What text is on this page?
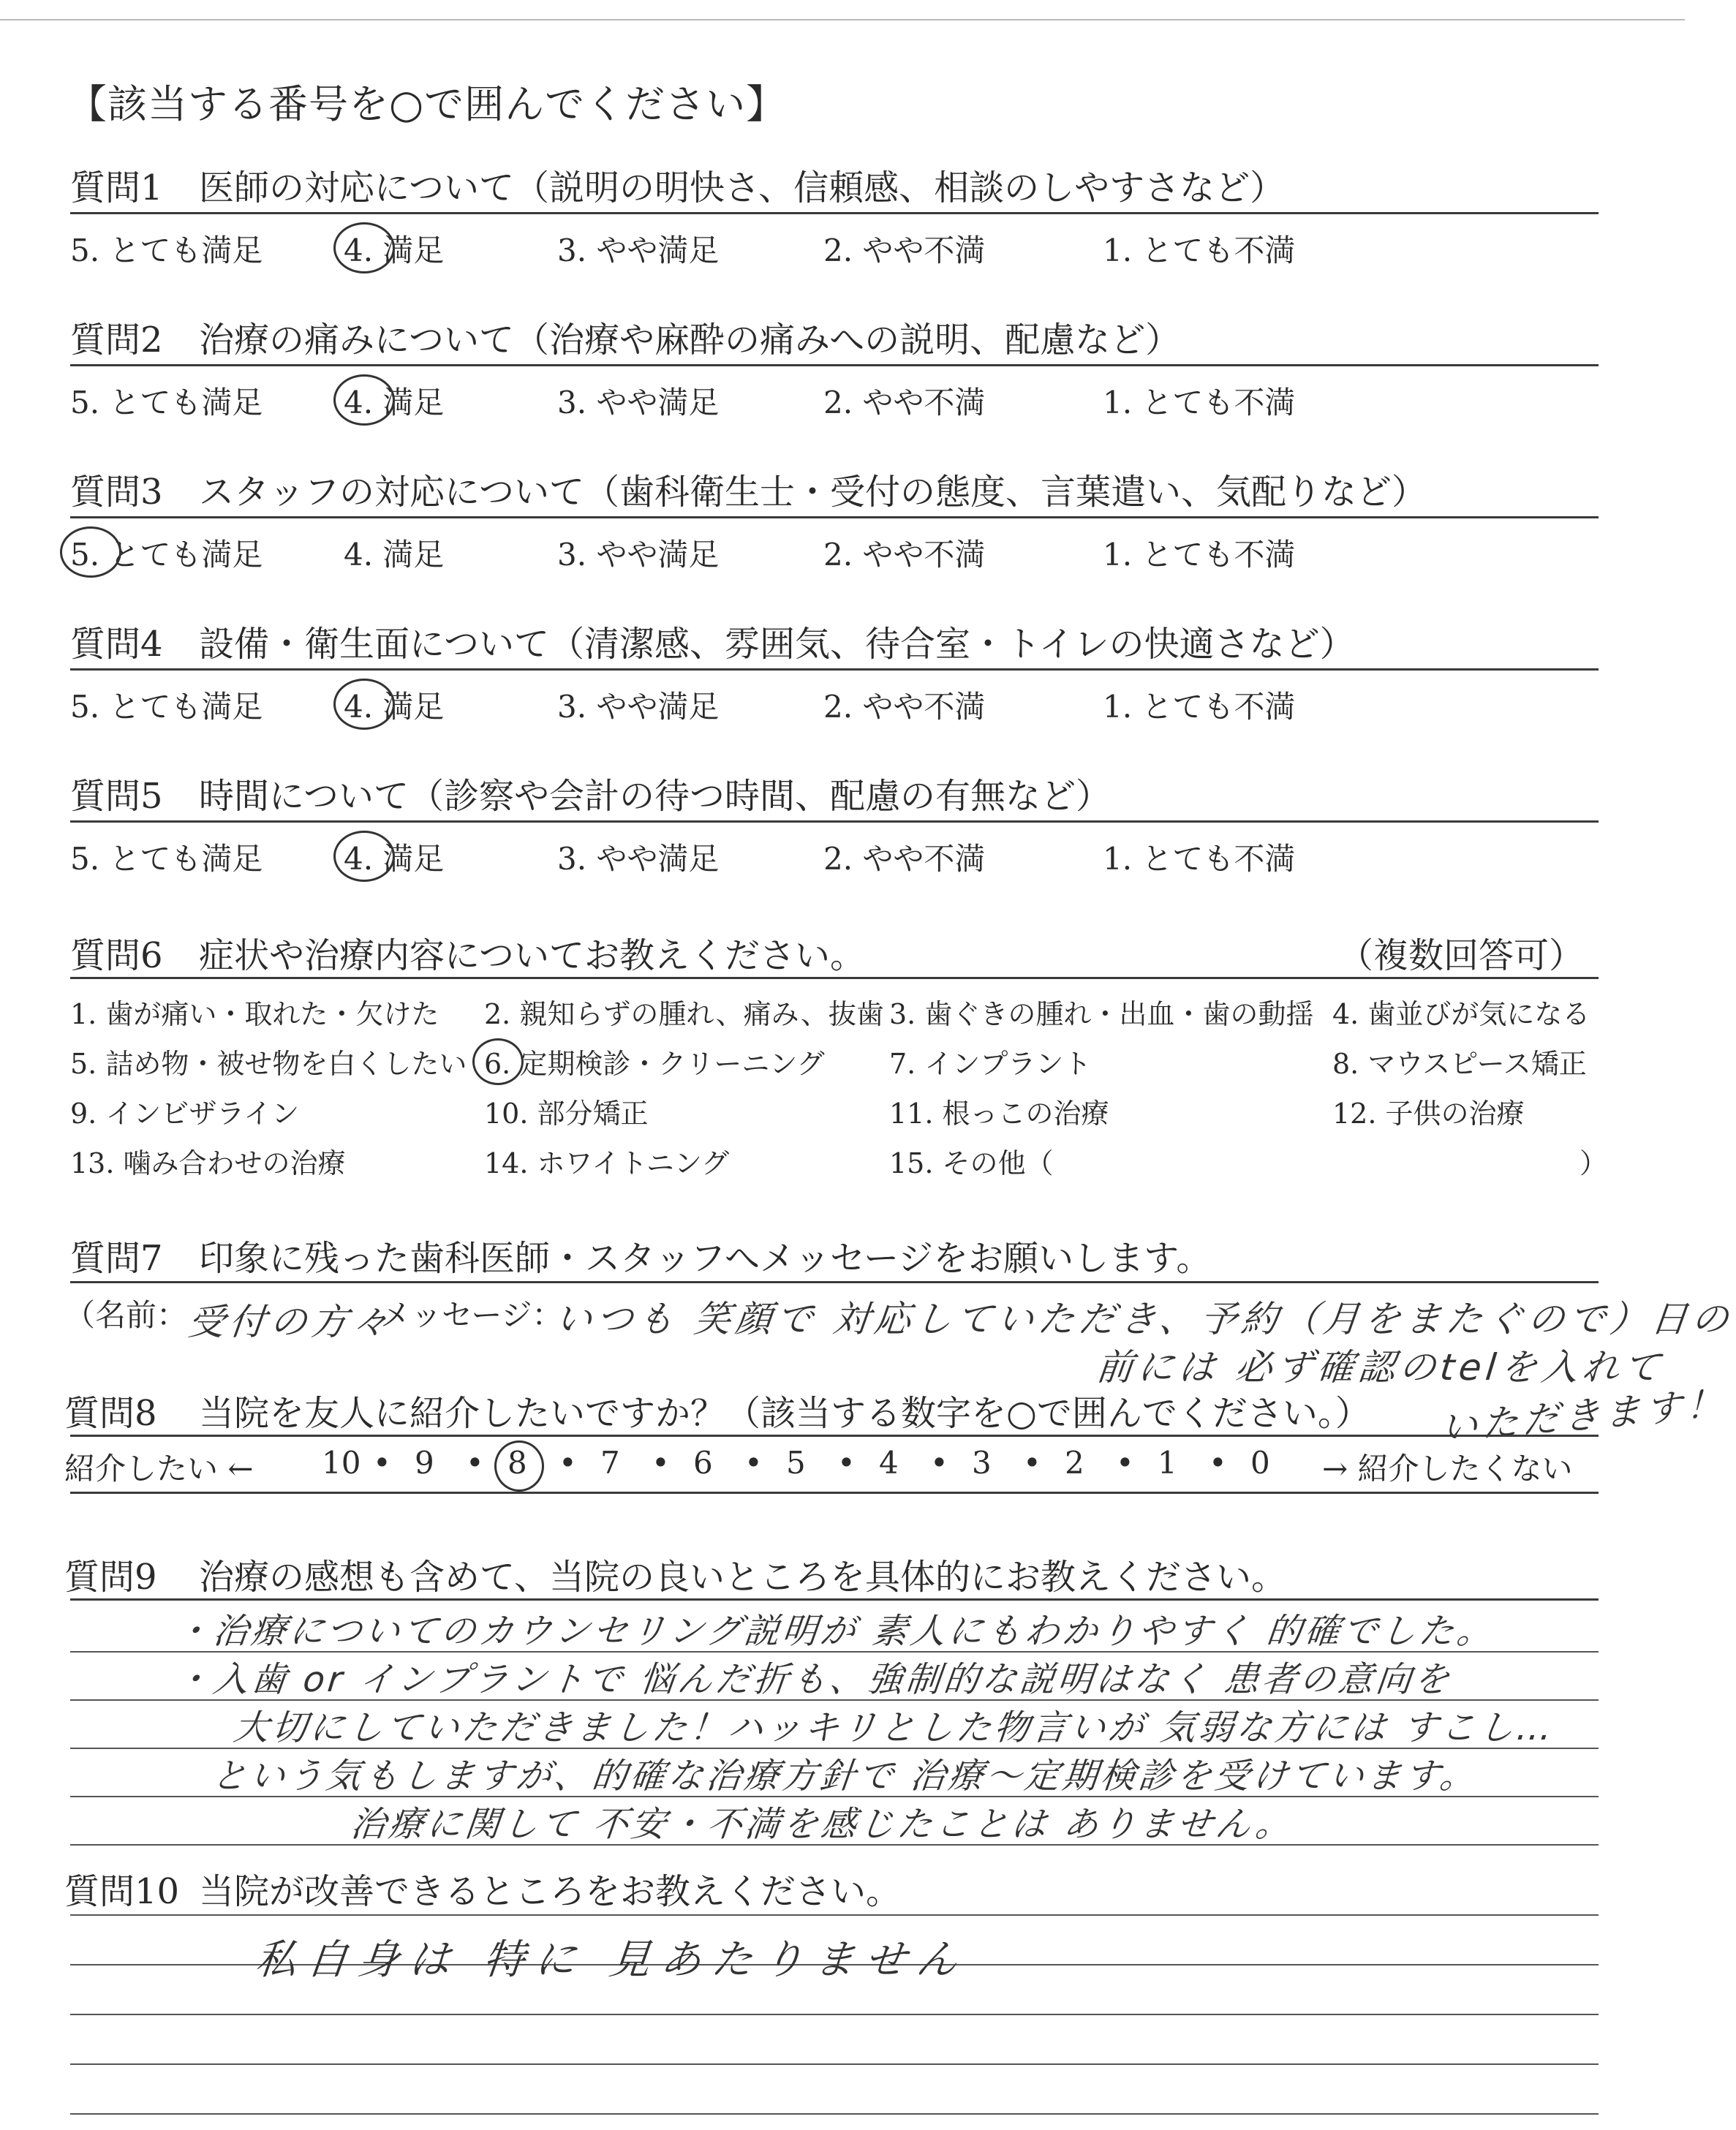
【該当する番号を○で囲んでください】
質問1 医師の対応について（説明の明快さ、信頼感、相談のしやすさなど）
5. とても満足	4. 満足	3. やや満足	2. やや不満	1. とても不満
質問2 治療の痛みについて（治療や麻酔の痛みへの説明、配慮など）
5. とても満足	4. 満足	3. やや満足	2. やや不満	1. とても不満
質問3 スタッフの対応について（歯科衛生士・受付の態度、言葉遣い、気配りなど）
5. とても満足	4. 満足	3. やや満足	2. やや不満	1. とても不満
質問4 設備・衛生面について（清潔感、雰囲気、待合室・トイレの快適さなど）
5. とても満足	4. 満足	3. やや満足	2. やや不満	1. とても不満
質問5 時間について（診察や会計の待つ時間、配慮の有無など）
5. とても満足	4. 満足	3. やや満足	2. やや不満	1. とても不満
質問6 症状や治療内容についてお教えください。	（複数回答可）
1. 歯が痛い・取れた・欠けた 2. 親知らずの腫れ、痛み、抜歯 3. 歯ぐきの腫れ・出血・歯の動揺 4. 歯並びが気になる
5. 詰め物・被せ物を白くしたい 6. 定期検診・クリーニング 7. インプラント	8. マウスピース矯正
9. インビザライン	10. 部分矯正	11. 根っこの治療	12. 子供の治療
13. 噛み合わせの治療	14. ホワイトニング	15. その他（	）
質問7 印象に残った歯科医師・スタッフへメッセージをお願いします。
（名前：
受付の方々
メッセージ：
いつも 笑顔で 対応していただき、予約（月をまたぐので）日の
前には 必ず確認のtelを入れて
いただきます！
質問8 当院を友人に紹介したいですか？（該当する数字を○で囲んでください。）
紹介したい ← 10 • 9 • 8 • 7 • 6 • 5 • 4 • 3 • 2 • 1 • 0 → 紹介したくない
質問9 治療の感想も含めて、当院の良いところを具体的にお教えください。
・治療についてのカウンセリング説明が 素人にもわかりやすく 的確でした。
・入歯 or インプラントで 悩んだ折も、強制的な説明はなく 患者の意向を
大切にしていただきました！ハッキリとした物言いが 気弱な方には すこし…
という気もしますが、的確な治療方針で 治療～定期検診を受けています。
治療に関して 不安・不満を感じたことは ありません。
質問10 当院が改善できるところをお教えください。
私自身は 特に 見あたりません
